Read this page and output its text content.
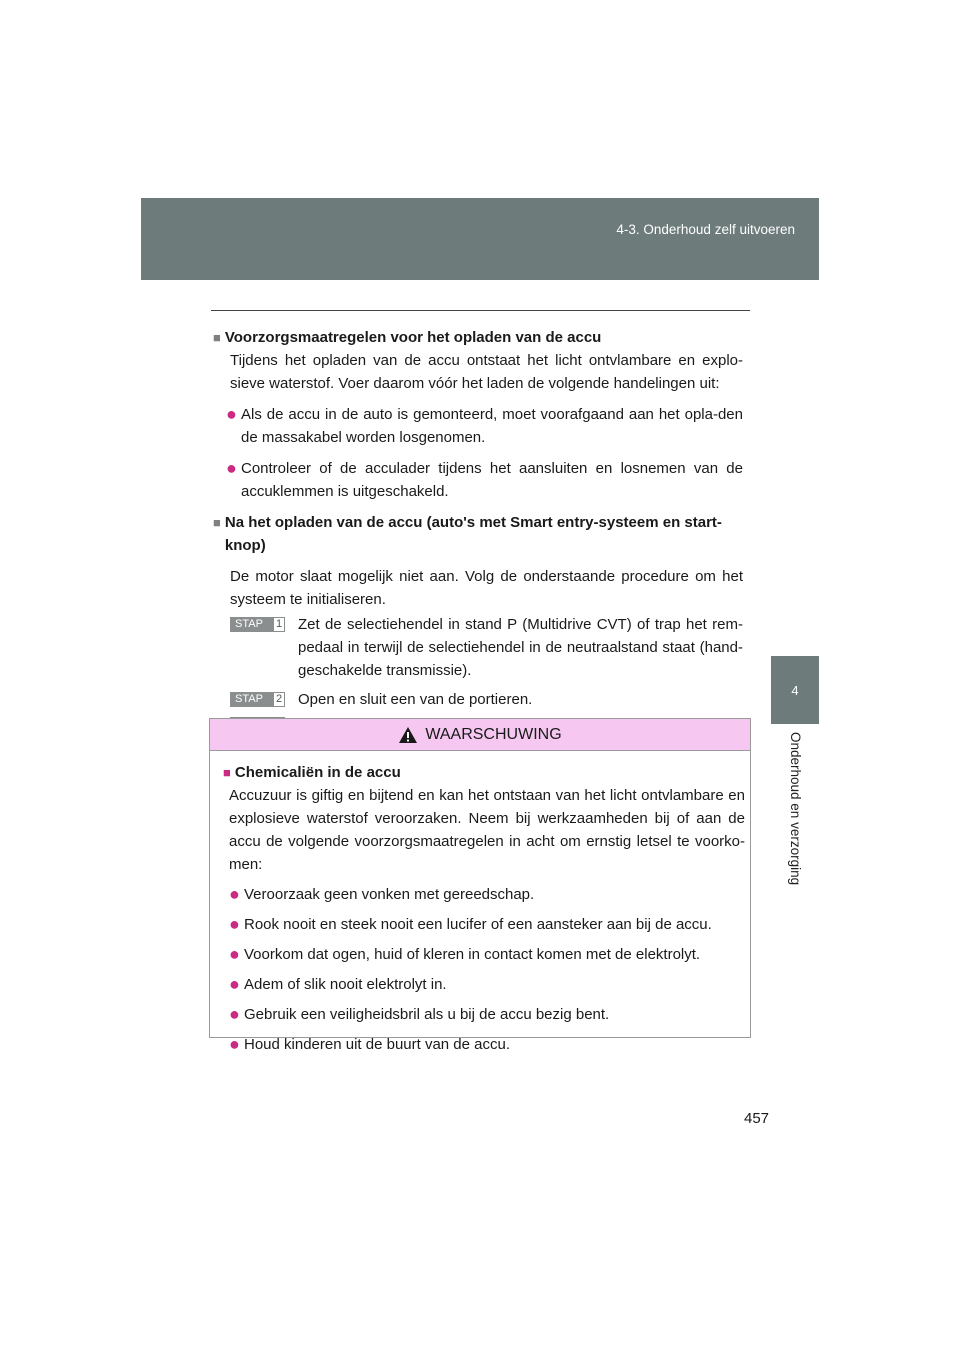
4-3. Onderhoud zelf uitvoeren
4
Onderhoud en verzorging
■ Voorzorgsmaatregelen voor het opladen van de accu

Tijdens het opladen van de accu ontstaat het licht ontvlambare en explo-sieve waterstof. Voer daarom vóór het laden de volgende handelingen uit:

● Als de accu in de auto is gemonteerd, moet voorafgaand aan het opla-den de massakabel worden losgenomen.
● Controleer of de acculader tijdens het aansluiten en losnemen van de accuklemmen is uitgeschakeld.
■ Na het opladen van de accu (auto's met Smart entry-systeem en start-knop)

De motor slaat mogelijk niet aan. Volg de onderstaande procedure om het systeem te initialiseren.

STAP	1 Zet de selectiehendel in stand P (Multidrive CVT) of trap het rem-pedaal in terwijl de selectiehendel in de neutraalstand staat (hand-geschakelde transmissie).
STAP	2 Open en sluit een van de portieren.
WAARSCHUWING
■ Chemicaliën in de accu

Accuzuur is giftig en bijtend en kan het ontstaan van het licht ontvlambare en explosieve waterstof veroorzaken. Neem bij werkzaamheden bij of aan de accu de volgende voorzorgsmaatregelen in acht om ernstig letsel te voorko-men:

● Veroorzaak geen vonken met gereedschap.
● Rook nooit en steek nooit een lucifer of een aansteker aan bij de accu.
● Voorkom dat ogen, huid of kleren in contact komen met de elektrolyt.
● Adem of slik nooit elektrolyt in.
● Gebruik een veiligheidsbril als u bij de accu bezig bent.
● Houd kinderen uit de buurt van de accu.
457
